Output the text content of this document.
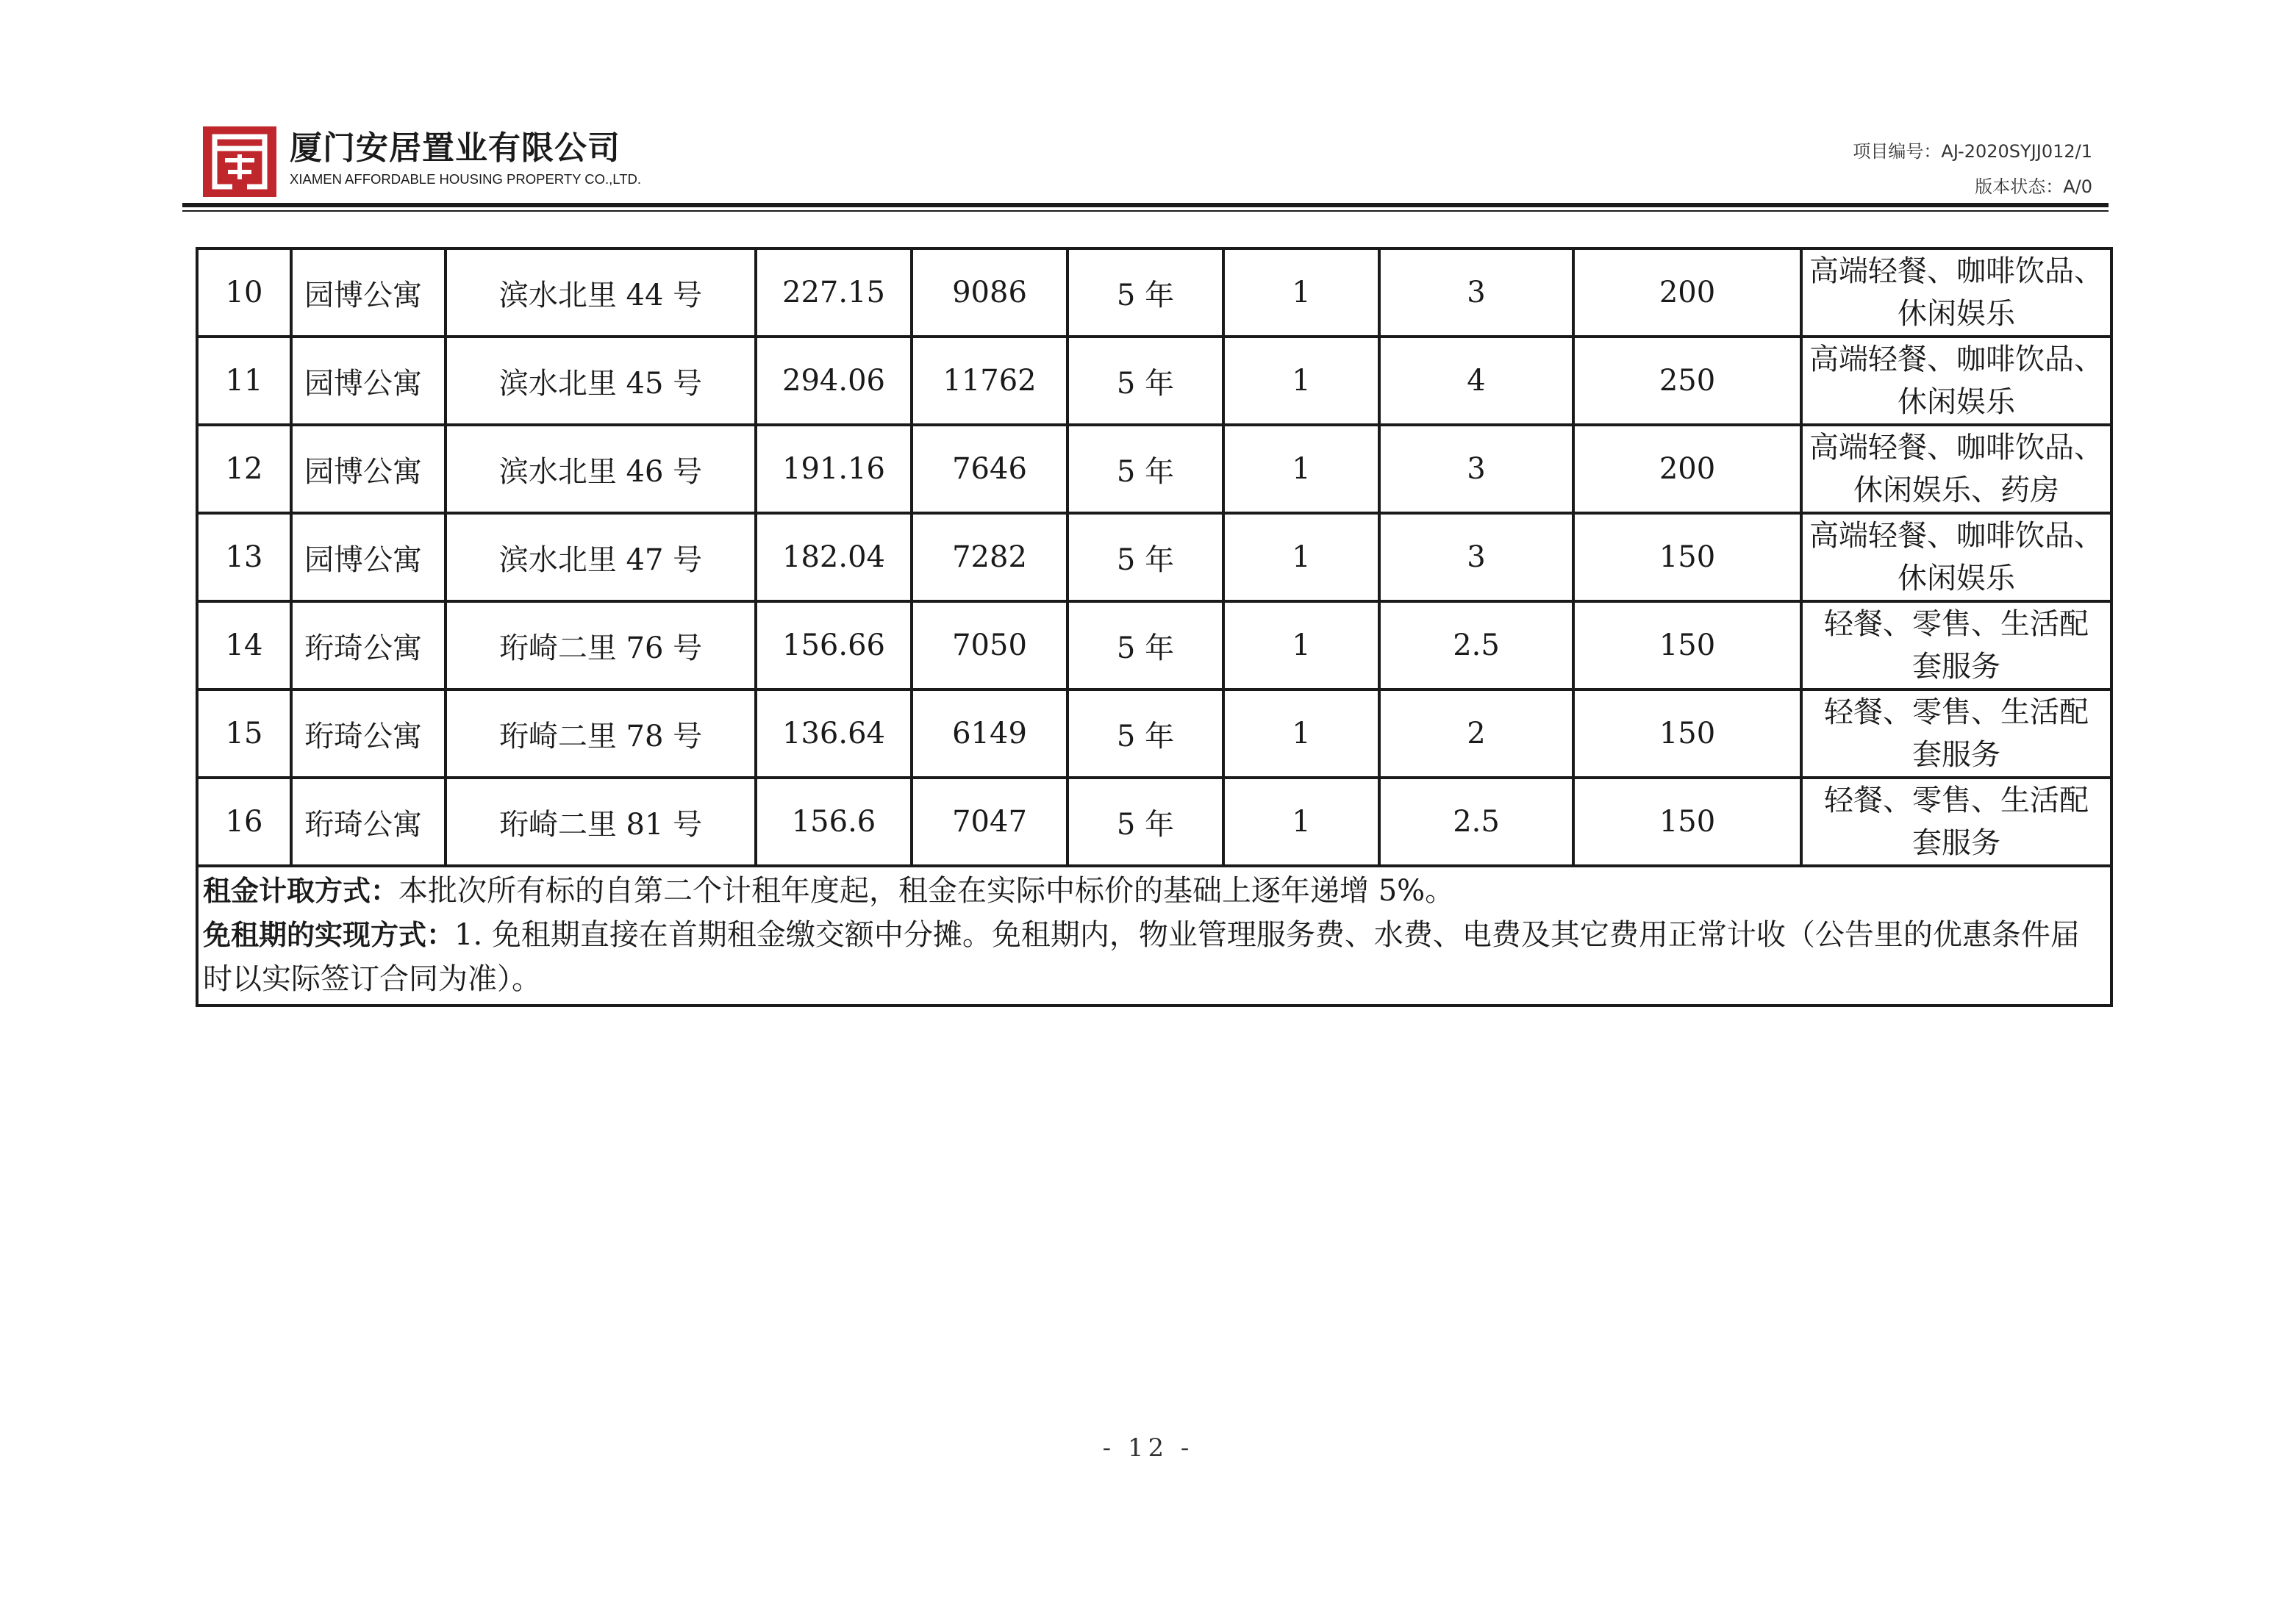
厦门安居置业有限公司
XIAMEN AFFORDABLE HOUSING PROPERTY CO.,LTD.
项目编号：AJ-2020SYJJ012/1
版本状态：A/0
10	园博公寓	滨水北里 44 号	227.15	9086	5 年	1	3	200	高端轻餐、咖啡饮品、
休闲娱乐

11	园博公寓	滨水北里 45 号	294.06	11762	5 年	1	4	250	高端轻餐、咖啡饮品、
休闲娱乐

12	园博公寓	滨水北里 46 号	191.16	7646	5 年	1	3	200	高端轻餐、咖啡饮品、
休闲娱乐、药房

13	园博公寓	滨水北里 47 号	182.04	7282	5 年	1	3	150	高端轻餐、咖啡饮品、
休闲娱乐

14	珩琦公寓	珩崎二里 76 号	156.66	7050	5 年	1	2.5	150	轻餐、零售、生活配
套服务

15	珩琦公寓	珩崎二里 78 号	136.64	6149	5 年	1	2	150	轻餐、零售、生活配
套服务

16	珩琦公寓	珩崎二里 81 号	156.6	7047	5 年	1	2.5	150	轻餐、零售、生活配
套服务

租金计取方式：本批次所有标的自第二个计租年度起，租金在实际中标价的基础上逐年递增 5%。
免租期的实现方式：1. 免租期直接在首期租金缴交额中分摊。免租期内，物业管理服务费、水费、电费及其它费用正常计收（公告里的优惠条件届时以实际签订合同为准）。									
- 12 -
